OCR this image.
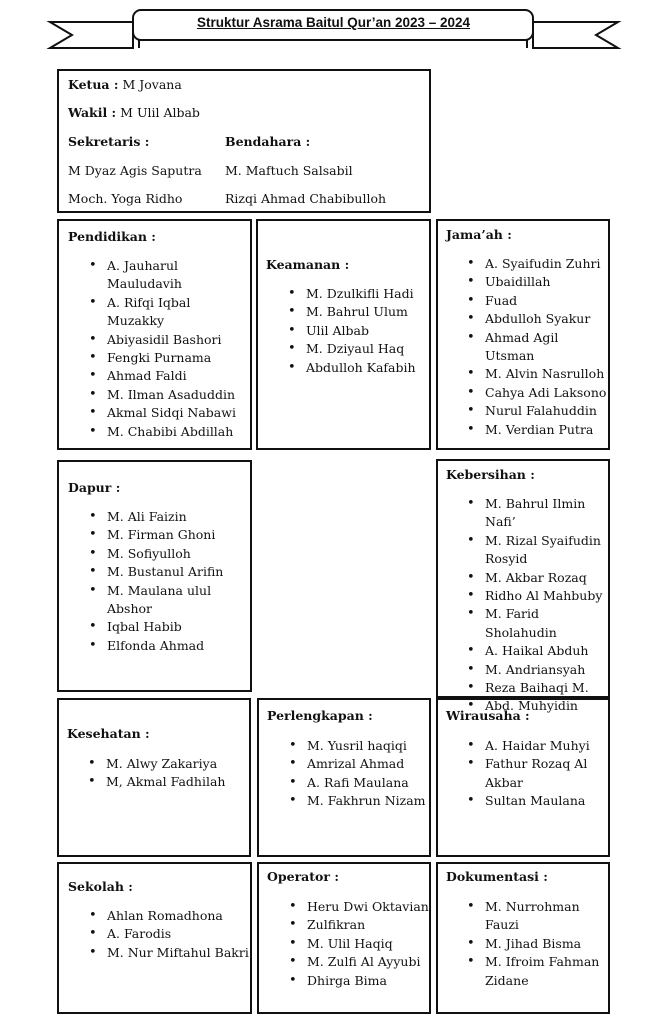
Struktur Asrama Baitul Qur’an 2023 – 2024
Ketua : M Jovana
Wakil : M Ulil Albab
Sekretaris :	Bendahara :
M Dyaz Agis Saputra
Moch. Yoga Ridho
M. Maftuch Salsabil
Rizqi Ahmad Chabibulloh
Pendidikan :
• A. Jauharul Mauludavih
• A. Rifqi Iqbal Muzakky
• Abiyasidil Bashori
• Fengki Purnama
• Ahmad Faldi
• M. Ilman Asaduddin
• Akmal Sidqi Nabawi
• M. Chabibi Abdillah
Keamanan :
• M. Dzulkifli Hadi
• M. Bahrul Ulum
• Ulil Albab
• M. Dziyaul Haq
• Abdulloh Kafabih
Jama’ah :
• A. Syaifudin Zuhri
• Ubaidillah
• Fuad
• Abdulloh Syakur
• Ahmad Agil Utsman
• M. Alvin Nasrulloh
• Cahya Adi Laksono
• Nurul Falahuddin
• M. Verdian Putra
Dapur :
• M. Ali Faizin
• M. Firman Ghoni
• M. Sofiyulloh
• M. Bustanul Arifin
• M. Maulana ulul Abshor
• Iqbal Habib
• Elfonda Ahmad
Kebersihan :
• M. Bahrul Ilmin Nafi’
• M. Rizal Syaifudin Rosyid
• M. Akbar Rozaq
• Ridho Al Mahbuby
• M. Farid Sholahudin
• A. Haikal Abduh
• M. Andriansyah
• Reza Baihaqi M.
• Abd. Muhyidin
Kesehatan :
• M. Alwy Zakariya
• M, Akmal Fadhilah
Perlengkapan :
• M. Yusril haqiqi
• Amrizal Ahmad
• A. Rafi Maulana
• M. Fakhrun Nizam
Wirausaha :
• A. Haidar Muhyi
• Fathur Rozaq Al Akbar
• Sultan Maulana
Sekolah :
• Ahlan Romadhona
• A. Farodis
• M. Nur Miftahul Bakri
Operator :
• Heru Dwi Oktavian
• Zulfikran
• M. Ulil Haqiq
• M. Zulfi Al Ayyubi
• Dhirga Bima
Dokumentasi :
• M. Nurrohman Fauzi
• M. Jihad Bisma
• M. Ifroim Fahman Zidane
